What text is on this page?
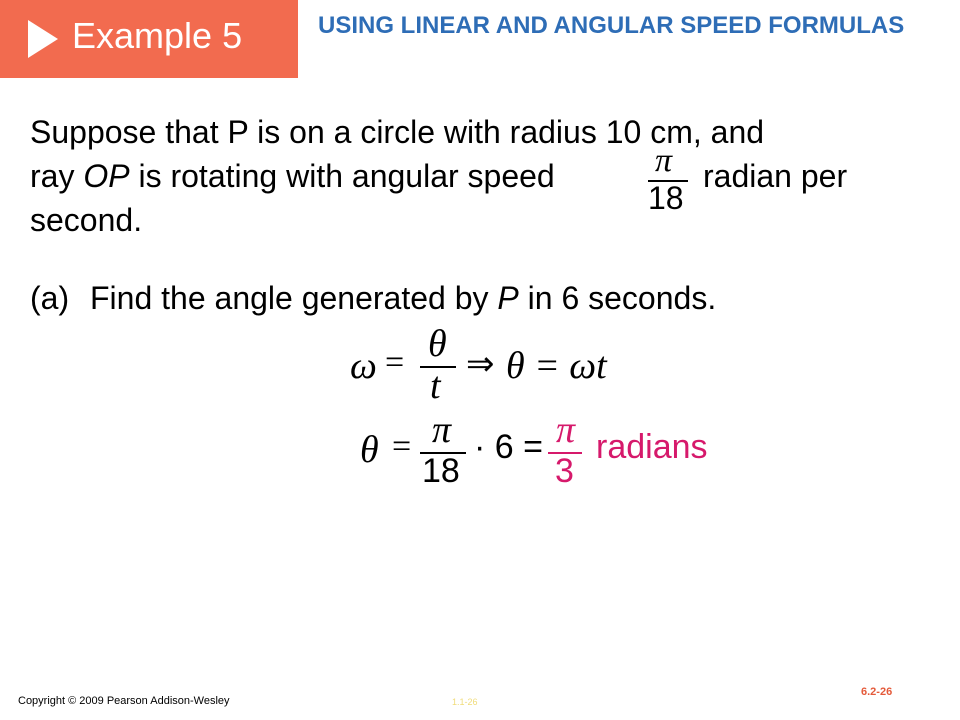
Example 5	USING LINEAR AND ANGULAR SPEED FORMULAS
Suppose that P is on a circle with radius 10 cm, and
ray OP is rotating with angular speed	π
18
radian per
second.
(a) Find the angle generated by P in 6 seconds.
ω = θ
t
⇒ θ = ωt
θ = π
18
· 6 = π
3
radians
Copyright © 2009 Pearson Addison-Wesley	1.1-26
6.2-26
